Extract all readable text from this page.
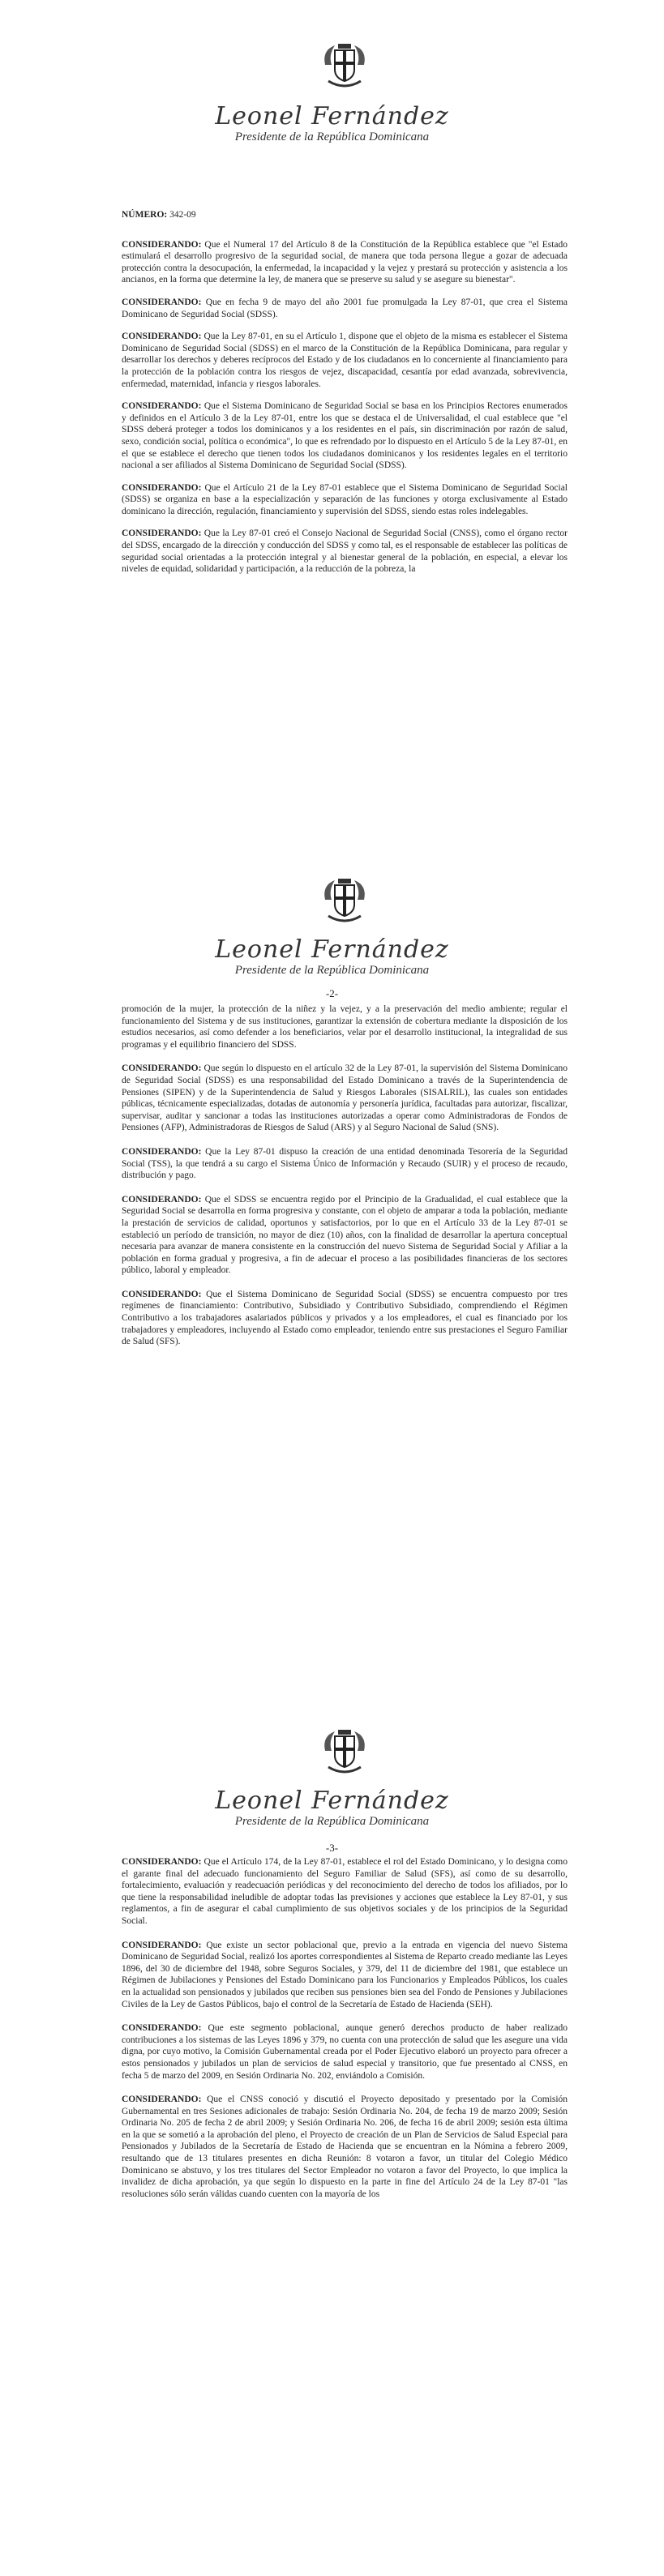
Leonel Fernández
Presidente de la República Dominicana

NÚMERO: 342-09

CONSIDERANDO: Que el Numeral 17 del Artículo 8 de la Constitución de la República establece que "el Estado estimulará el desarrollo progresivo de la seguridad social, de manera que toda persona llegue a gozar de adecuada protección contra la desocupación, la enfermedad, la incapacidad y la vejez y prestará su protección y asistencia a los ancianos, en la forma que determine la ley, de manera que se preserve su salud y se asegure su bienestar".

CONSIDERANDO: Que en fecha 9 de mayo del año 2001 fue promulgada la Ley 87-01, que crea el Sistema Dominicano de Seguridad Social (SDSS).

CONSIDERANDO: Que la Ley 87-01, en su el Artículo 1, dispone que el objeto de la misma es establecer el Sistema Dominicano de Seguridad Social (SDSS) en el marco de la Constitución de la República Dominicana, para regular y desarrollar los derechos y deberes recíprocos del Estado y de los ciudadanos en lo concerniente al financiamiento para la protección de la población contra los riesgos de vejez, discapacidad, cesantía por edad avanzada, sobrevivencia, enfermedad, maternidad, infancia y riesgos laborales.

CONSIDERANDO: Que el Sistema Dominicano de Seguridad Social se basa en los Principios Rectores enumerados y definidos en el Artículo 3 de la Ley 87-01, entre los que se destaca el de Universalidad, el cual establece que "el SDSS deberá proteger a todos los dominicanos y a los residentes en el país, sin discriminación por razón de salud, sexo, condición social, política o económica", lo que es refrendado por lo dispuesto en el Artículo 5 de la Ley 87-01, en el que se establece el derecho que tienen todos los ciudadanos dominicanos y los residentes legales en el territorio nacional a ser afiliados al Sistema Dominicano de Seguridad Social (SDSS).

CONSIDERANDO: Que el Artículo 21 de la Ley 87-01 establece que el Sistema Dominicano de Seguridad Social (SDSS) se organiza en base a la especialización y separación de las funciones y otorga exclusivamente al Estado dominicano la dirección, regulación, financiamiento y supervisión del SDSS, siendo estas roles indelegables.

CONSIDERANDO: Que la Ley 87-01 creó el Consejo Nacional de Seguridad Social (CNSS), como el órgano rector del SDSS, encargado de la dirección y conducción del SDSS y como tal, es el responsable de establecer las políticas de seguridad social orientadas a la protección integral y al bienestar general de la población, en especial, a elevar los niveles de equidad, solidaridad y participación, a la reducción de la pobreza, la

Leonel Fernández
Presidente de la República Dominicana
-2-

promoción de la mujer, la protección de la niñez y la vejez, y a la preservación del medio ambiente; regular el funcionamiento del Sistema y de sus instituciones, garantizar la extensión de cobertura mediante la disposición de los estudios necesarios, así como defender a los beneficiarios, velar por el desarrollo institucional, la integralidad de sus programas y el equilibrio financiero del SDSS.

CONSIDERANDO: Que según lo dispuesto en el artículo 32 de la Ley 87-01, la supervisión del Sistema Dominicano de Seguridad Social (SDSS) es una responsabilidad del Estado Dominicano a través de la Superintendencia de Pensiones (SIPEN) y de la Superintendencia de Salud y Riesgos Laborales (SISALRIL), las cuales son entidades públicas, técnicamente especializadas, dotadas de autonomía y personería jurídica, facultadas para autorizar, fiscalizar, supervisar, auditar y sancionar a todas las instituciones autorizadas a operar como Administradoras de Fondos de Pensiones (AFP), Administradoras de Riesgos de Salud (ARS) y al Seguro Nacional de Salud (SNS).

CONSIDERANDO: Que la Ley 87-01 dispuso la creación de una entidad denominada Tesorería de la Seguridad Social (TSS), la que tendrá a su cargo el Sistema Único de Información y Recaudo (SUIR) y el proceso de recaudo, distribución y pago.

CONSIDERANDO: Que el SDSS se encuentra regido por el Principio de la Gradualidad, el cual establece que la Seguridad Social se desarrolla en forma progresiva y constante, con el objeto de amparar a toda la población, mediante la prestación de servicios de calidad, oportunos y satisfactorios, por lo que en el Artículo 33 de la Ley 87-01 se estableció un período de transición, no mayor de diez (10) años, con la finalidad de desarrollar la apertura conceptual necesaria para avanzar de manera consistente en la construcción del nuevo Sistema de Seguridad Social y Afiliar a la población en forma gradual y progresiva, a fin de adecuar el proceso a las posibilidades financieras de los sectores público, laboral y empleador.

CONSIDERANDO: Que el Sistema Dominicano de Seguridad Social (SDSS) se encuentra compuesto por tres regímenes de financiamiento: Contributivo, Subsidiado y Contributivo Subsidiado, comprendiendo el Régimen Contributivo a los trabajadores asalariados públicos y privados y a los empleadores, el cual es financiado por los trabajadores y empleadores, incluyendo al Estado como empleador, teniendo entre sus prestaciones el Seguro Familiar de Salud (SFS).

Leonel Fernández
Presidente de la República Dominicana
-3-

CONSIDERANDO: Que el Artículo 174, de la Ley 87-01, establece el rol del Estado Dominicano, y lo designa como el garante final del adecuado funcionamiento del Seguro Familiar de Salud (SFS), así como de su desarrollo, fortalecimiento, evaluación y readecuación periódicas y del reconocimiento del derecho de todos los afiliados, por lo que tiene la responsabilidad ineludible de adoptar todas las previsiones y acciones que establece la Ley 87-01, y sus reglamentos, a fin de asegurar el cabal cumplimiento de sus objetivos sociales y de los principios de la Seguridad Social.

CONSIDERANDO: Que existe un sector poblacional que, previo a la entrada en vigencia del nuevo Sistema Dominicano de Seguridad Social, realizó los aportes correspondientes al Sistema de Reparto creado mediante las Leyes 1896, del 30 de diciembre del 1948, sobre Seguros Sociales, y 379, del 11 de diciembre del 1981, que establece un Régimen de Jubilaciones y Pensiones del Estado Dominicano para los Funcionarios y Empleados Públicos, los cuales en la actualidad son pensionados y jubilados que reciben sus pensiones bien sea del Fondo de Pensiones y Jubilaciones Civiles de la Ley de Gastos Públicos, bajo el control de la Secretaría de Estado de Hacienda (SEH).

CONSIDERANDO: Que este segmento poblacional, aunque generó derechos producto de haber realizado contribuciones a los sistemas de las Leyes 1896 y 379, no cuenta con una protección de salud que les asegure una vida digna, por cuyo motivo, la Comisión Gubernamental creada por el Poder Ejecutivo elaboró un proyecto para ofrecer a estos pensionados y jubilados un plan de servicios de salud especial y transitorio, que fue presentado al CNSS, en fecha 5 de marzo del 2009, en Sesión Ordinaria No. 202, enviándolo a Comisión.

CONSIDERANDO: Que el CNSS conoció y discutió el Proyecto depositado y presentado por la Comisión Gubernamental en tres Sesiones adicionales de trabajo: Sesión Ordinaria No. 204, de fecha 19 de marzo 2009; Sesión Ordinaria No. 205 de fecha 2 de abril 2009; y Sesión Ordinaria No. 206, de fecha 16 de abril 2009; sesión esta última en la que se sometió a la aprobación del pleno, el Proyecto de creación de un Plan de Servicios de Salud Especial para Pensionados y Jubilados de la Secretaría de Estado de Hacienda que se encuentran en la Nómina a febrero 2009, resultando que de 13 titulares presentes en dicha Reunión: 8 votaron a favor, un titular del Colegio Médico Dominicano se abstuvo, y los tres titulares del Sector Empleador no votaron a favor del Proyecto, lo que implica la invalidez de dicha aprobación, ya que según lo dispuesto en la parte in fine del Artículo 24 de la Ley 87-01 "las resoluciones sólo serán válidas cuando cuenten con la mayoría de los
